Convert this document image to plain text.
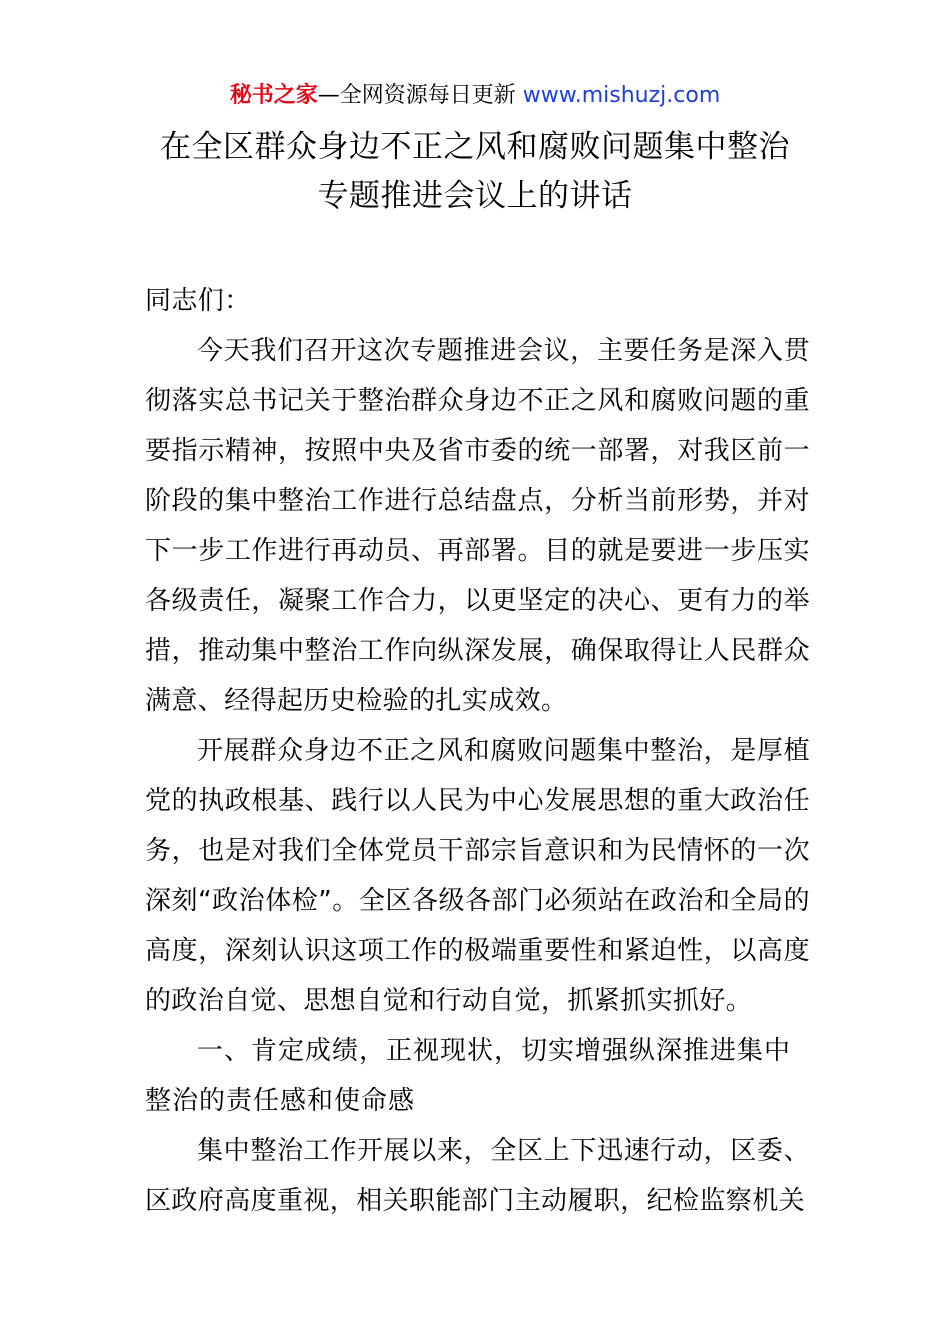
秘书之家—全网资源每日更新 www.mishuzj.com
在全区群众身边不正之风和腐败问题集中整治
专题推进会议上的讲话

同志们：

今天我们召开这次专题推进会议，主要任务是深入贯彻落实总书记关于整治群众身边不正之风和腐败问题的重要指示精神，按照中央及省市委的统一部署，对我区前一阶段的集中整治工作进行总结盘点，分析当前形势，并对下一步工作进行再动员、再部署。目的就是要进一步压实各级责任，凝聚工作合力，以更坚定的决心、更有力的举措，推动集中整治工作向纵深发展，确保取得让人民群众满意、经得起历史检验的扎实成效。

开展群众身边不正之风和腐败问题集中整治，是厚植党的执政根基、践行以人民为中心发展思想的重大政治任务，也是对我们全体党员干部宗旨意识和为民情怀的一次深刻“政治体检”。全区各级各部门必须站在政治和全局的高度，深刻认识这项工作的极端重要性和紧迫性，以高度的政治自觉、思想自觉和行动自觉，抓紧抓实抓好。

一、肯定成绩，正视现状，切实增强纵深推进集中整治的责任感和使命感

集中整治工作开展以来，全区上下迅速行动，区委、区政府高度重视，相关职能部门主动履职，纪检监察机关
